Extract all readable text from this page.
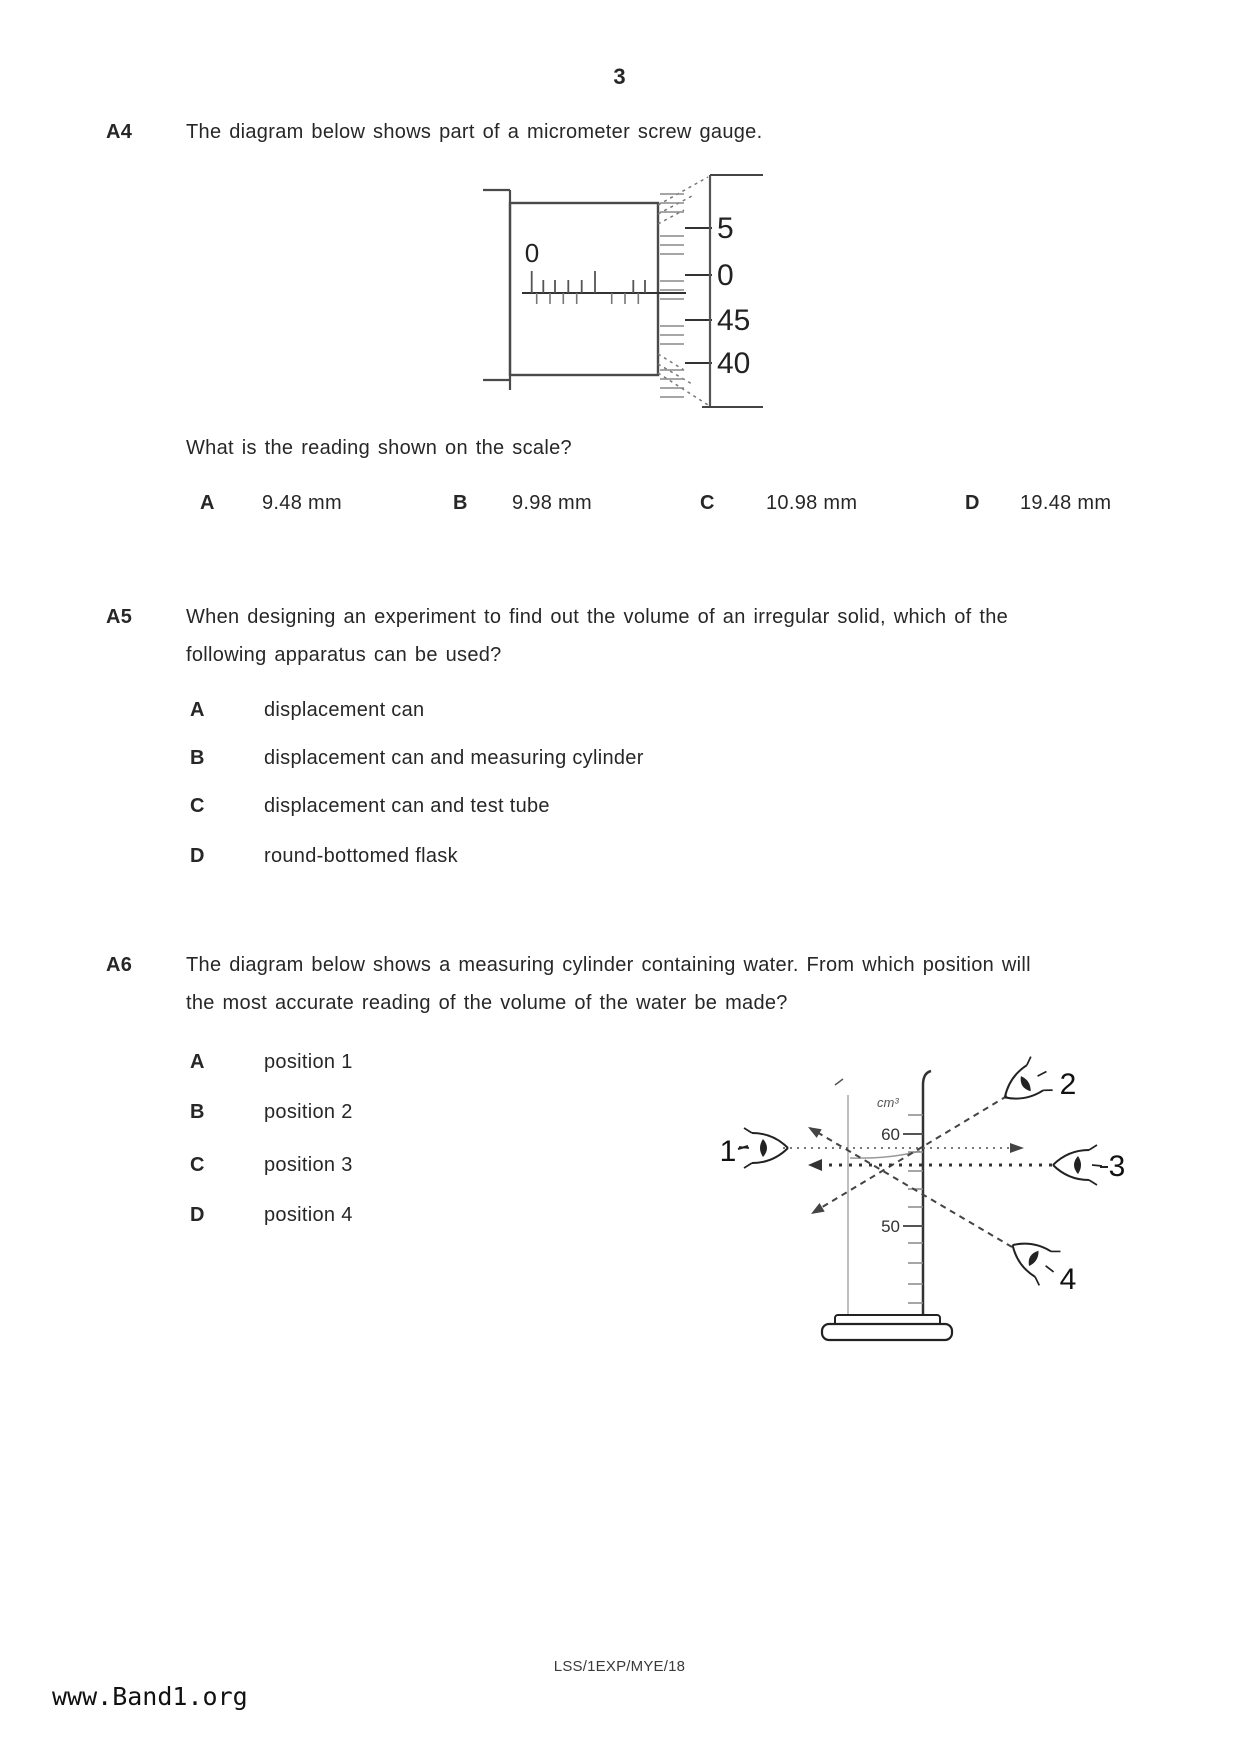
3
A4	The diagram below shows part of a micrometer screw gauge.
0
5
0
45
40
What is the reading shown on the scale?
A 9.48 mm	B 9.98 mm	C	10.98 mm	D 19.48 mm
A5	When designing an experiment to find out the volume of an irregular solid, which of the
following apparatus can be used?
A	displacement can
B	displacement can and measuring cylinder
C	displacement can and test tube
D	round-bottomed flask
A6	The diagram below shows a measuring cylinder containing water. From which position will
the most accurate reading of the volume of the water be made?
A	position 1
B	position 2
C	position 3
D	position 4
cm³
60
50
1
2
3
4
LSS/1EXP/MYE/18
www.Band1.org
